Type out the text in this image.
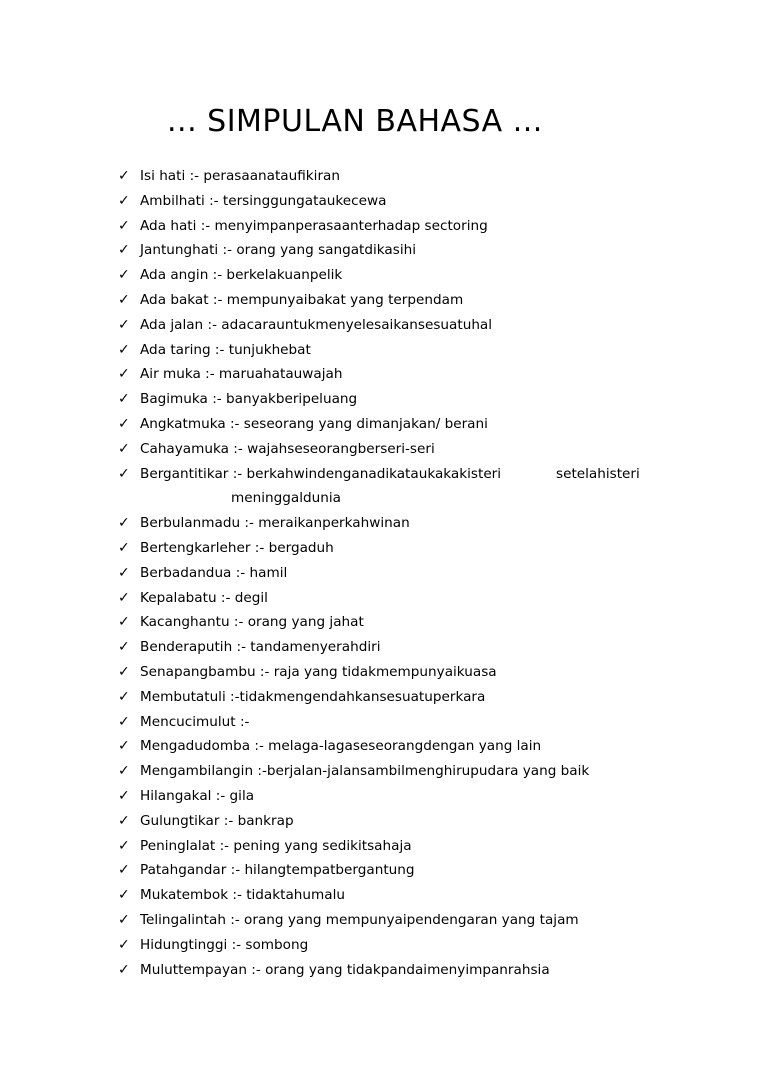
... SIMPULAN BAHASA ...
✓ Isi hati :- perasaanataufikiran
✓ Ambilhati :- tersinggungataukecewa
✓ Ada hati :- menyimpanperasaanterhadap sectoring
✓ Jantunghati :- orang yang sangatdikasihi
✓ Ada angin :- berkelakuanpelik
✓ Ada bakat :- mempunyaibakat yang terpendam
✓ Ada jalan :- adacarauntukmenyelesaikansesuatuhal
✓ Ada taring :- tunjukhebat
✓ Air muka :- maruahatauwajah
✓ Bagimuka :- banyakberipeluang
✓ Angkatmuka :- seseorang yang dimanjakan/ berani
✓ Cahayamuka :- wajahseseorangberseri-seri
✓ Bergantitikar :- berkahwindenganadikataukakakisteri	setelahisteri
meninggaldunia
✓ Berbulanmadu :- meraikanperkahwinan
✓ Bertengkarleher :- bergaduh
✓ Berbadandua :- hamil
✓ Kepalabatu :- degil
✓ Kacanghantu :- orang yang jahat
✓ Benderaputih :- tandamenyerahdiri
✓ Senapangbambu :- raja yang tidakmempunyaikuasa
✓ Membutatuli :-tidakmengendahkansesuatuperkara
✓ Mencucimulut :-
✓ Mengadudomba :- melaga-lagaseseorangdengan yang lain
✓ Mengambilangin :-berjalan-jalansambilmenghirupudara yang baik
✓ Hilangakal :- gila
✓ Gulungtikar :- bankrap
✓ Peninglalat :- pening yang sedikitsahaja
✓ Patahgandar :- hilangtempatbergantung
✓ Mukatembok :- tidaktahumalu
✓ Telingalintah :- orang yang mempunyaipendengaran yang tajam
✓ Hidungtinggi :- sombong
✓ Muluttempayan :- orang yang tidakpandaimenyimpanrahsia
